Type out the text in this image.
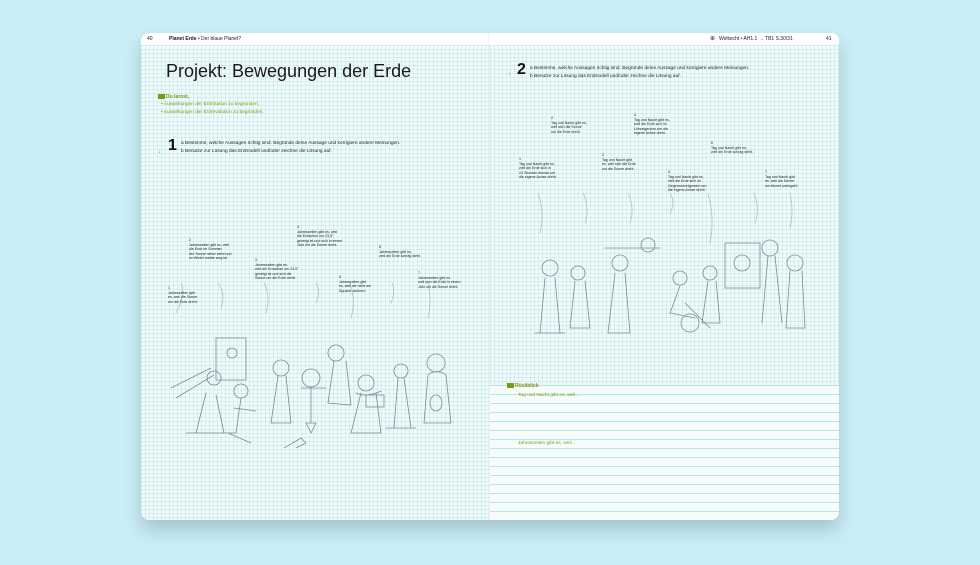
40	Planet Erde • Der blaue Planet?
Projekt: Bewegungen der Erde
Du lernst,
• Auswirkungen der Erdrotation zu begründen,
• Auswirkungen der Erdrevolution zu begründen.
↓ 1 a Bestimme, welche Aussagen richtig sind. Begründe deine Aussage und korrigiere andere Meinungen.
b Benutze zur Lösung das Erdmodell und/oder zeichne die Lösung auf.
1
Jahreszeiten gibt
es, weil die Sonne
um die Erde dreht.
2
Jahreszeiten gibt es, weil
die Erde im Sommer
der Sonne näher steht und
im Winter weiter weg ist.	3
Jahreszeiten gibt es,
weil die Erdachse um 23,5°
geneigt ist und sich die
Sonne um die Erde dreht.
4
Jahreszeiten gibt es, weil
die Erdachse um 23,5°
geneigt ist und sich in einem
Jahr um die Sonne dreht.
5
Jahreszeiten gibt
es, weil wir nicht am
Äquator wohnen.
6
Jahreszeiten gibt es,
weil die Erde schräg steht.
7
Jahreszeiten gibt es,
weil sich die Erde in einem
Jahr um die Sonne dreht.
⊕ Weltsicht • AH1.1 → TB1 S.30/31	41
↓ 2 a Bestimme, welche Aussagen richtig sind. Begründe deine Aussage und korrigiere andere Meinungen.
b Benutze zur Lösung das Erdmodell und/oder zeichne die Lösung auf.
1
Tag und Nacht gibt es,
weil die Erde sich in
24 Stunden einmal um
die eigene Achse dreht.
2
Tag und Nacht gibt es,
weil sich die Sonne
um die Erde dreht.
3
Tag und Nacht gibt
es, weil sich die Erde
um die Sonne dreht.
4
Tag und Nacht gibt es,
weil die Erde sich im
Uhrzeigersinn um die
eigene Achse dreht.
5
Tag und Nacht gibt es,
weil die Erde sich im
Gegenuhrzeigersinn um
die eigene Achse dreht.
6
Tag und Nacht gibt es,
weil die Erde schräg steht.
7
Tag und Nacht gibt
es, weil die Sonne
um Abend untergeht.
Rückblick
Tag und Nacht gibt es, weil ...
Jahreszeiten gibt es, weil ...
